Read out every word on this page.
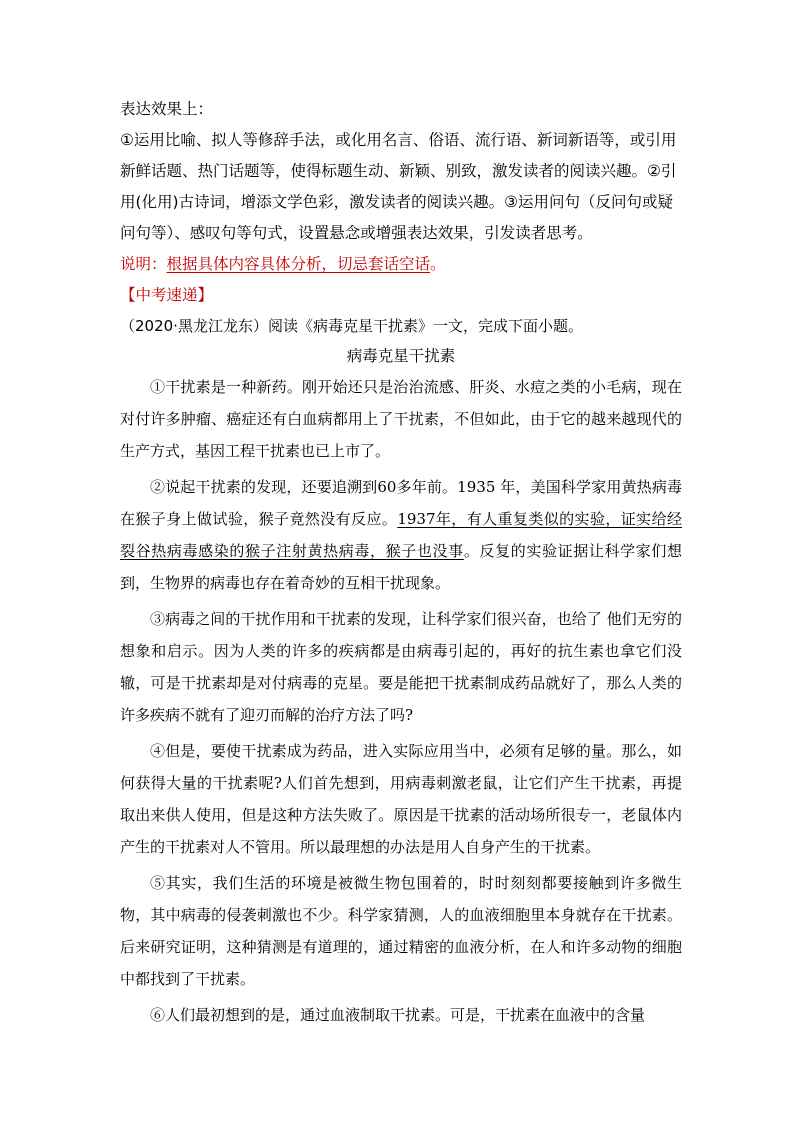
表达效果上：
①运用比喻、拟人等修辞手法，或化用名言、俗语、流行语、新词新语等，或引用新鲜话题、热门话题等，使得标题生动、新颖、别致，激发读者的阅读兴趣。②引用(化用)古诗词，增添文学色彩，激发读者的阅读兴趣。③运用问句（反问句或疑问句等）、感叹句等句式，设置悬念或增强表达效果，引发读者思考。
说明：根据具体内容具体分析，切忌套话空话。
【中考速递】
（2020·黑龙江龙东）阅读《病毒克星干扰素》一文，完成下面小题。
病毒克星干扰素

①干扰素是一种新药。刚开始还只是治治流感、肝炎、水痘之类的小毛病，现在对付许多肿瘤、癌症还有白血病都用上了干扰素，不但如此，由于它的越来越现代的生产方式，基因工程干扰素也已上市了。

②说起干扰素的发现，还要追溯到60多年前。1935 年，美国科学家用黄热病毒在猴子身上做试验，猴子竟然没有反应。1937年，有人重复类似的实验，证实给经裂谷热病毒感染的猴子注射黄热病毒，猴子也没事。反复的实验证据让科学家们想到，生物界的病毒也存在着奇妙的互相干扰现象。

③病毒之间的干扰作用和干扰素的发现，让科学家们很兴奋，也给了 他们无穷的想象和启示。因为人类的许多的疾病都是由病毒引起的，再好的抗生素也拿它们没辙，可是干扰素却是对付病毒的克星。要是能把干扰素制成药品就好了，那么人类的许多疾病不就有了迎刃而解的治疗方法了吗?

④但是，要使干扰素成为药品，进入实际应用当中，必须有足够的量。那么，如何获得大量的干扰素呢?人们首先想到，用病毒刺激老鼠，让它们产生干扰素，再提取出来供人使用，但是这种方法失败了。原因是干扰素的活动场所很专一，老鼠体内产生的干扰素对人不管用。所以最理想的办法是用人自身产生的干扰素。

⑤其实，我们生活的环境是被微生物包围着的，时时刻刻都要接触到许多微生物，其中病毒的侵袭刺激也不少。科学家猜测，人的血液细胞里本身就存在干扰素。后来研究证明，这种猜测是有道理的，通过精密的血液分析，在人和许多动物的细胞中都找到了干扰素。

⑥人们最初想到的是，通过血液制取干扰素。可是，干扰素在血液中的含量
